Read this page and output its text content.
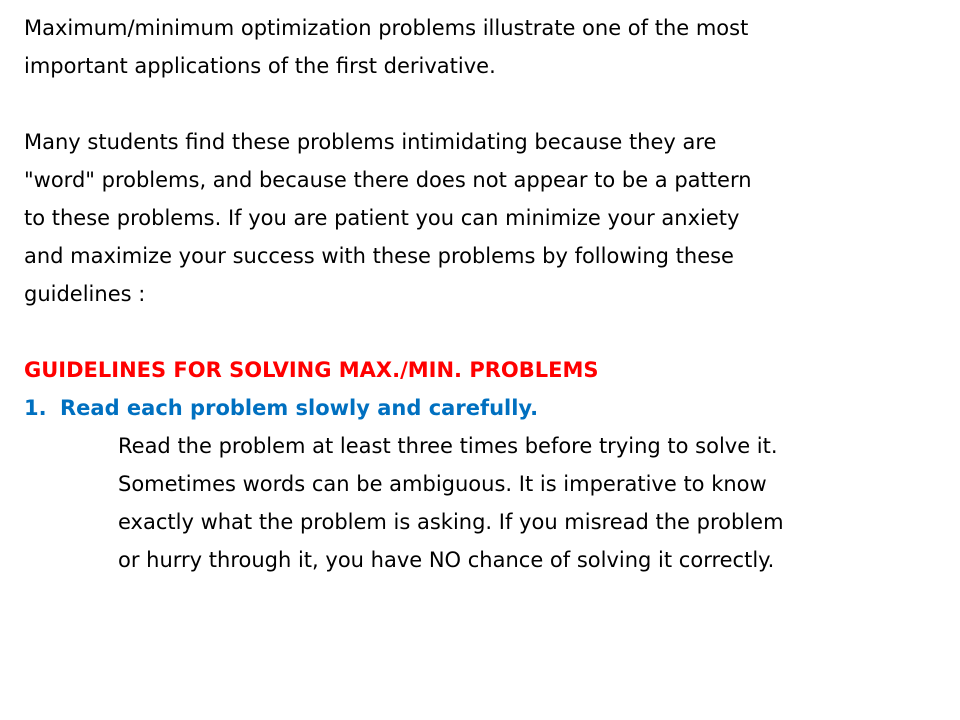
Maximum/minimum optimization problems illustrate one of the most
important applications of the first derivative.
Many students find these problems intimidating because they are
"word" problems, and because there does not appear to be a pattern
to these problems. If you are patient you can minimize your anxiety
and maximize your success with these problems by following these
guidelines :
GUIDELINES FOR SOLVING MAX./MIN. PROBLEMS
1. Read each problem slowly and carefully.
Read the problem at least three times before trying to solve it.
Sometimes words can be ambiguous. It is imperative to know
exactly what the problem is asking. If you misread the problem
or hurry through it, you have NO chance of solving it correctly.
